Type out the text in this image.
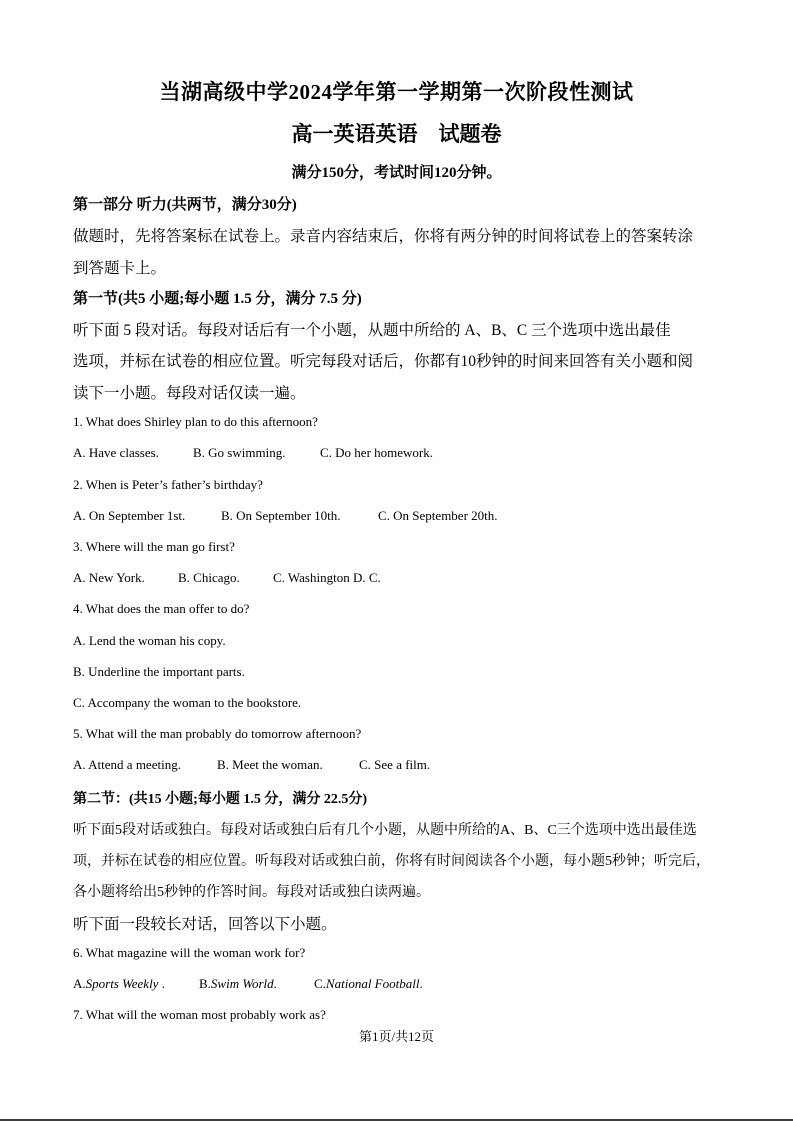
当湖高级中学2024学年第一学期第一次阶段性测试
高一英语英语　试题卷
满分150分，考试时间120分钟。
第一部分 听力(共两节，满分30分)
做题时，先将答案标在试卷上。录音内容结束后，你将有两分钟的时间将试卷上的答案转涂
到答题卡上。
第一节(共5 小题;每小题 1.5 分，满分 7.5 分)
听下面 5 段对话。每段对话后有一个小题，从题中所给的 A、B、C 三个选项中选出最佳
选项，并标在试卷的相应位置。听完每段对话后，你都有10秒钟的时间来回答有关小题和阅
读下一小题。每段对话仅读一遍。
1. What does Shirley plan to do this afternoon?
A. Have classes.	B. Go swimming.	C. Do her homework.
2. When is Peter’s father’s birthday?
A. On September 1st.	B. On September 10th.	C. On September 20th.
3. Where will the man go first?
A. New York.	B. Chicago.	C. Washington D. C.
4. What does the man offer to do?
A. Lend the woman his copy.
B. Underline the important parts.
C. Accompany the woman to the bookstore.
5. What will the man probably do tomorrow afternoon?
A. Attend a meeting.	B. Meet the woman.	C. See a film.
第二节：(共15 小题;每小题 1.5 分，满分 22.5分)
听下面5段对话或独白。每段对话或独白后有几个小题，从题中所给的A、B、C三个选项中选出最佳选
项，并标在试卷的相应位置。听每段对话或独白前，你将有时间阅读各个小题，每小题5秒钟；听完后，
各小题将给出5秒钟的作答时间。每段对话或独白读两遍。
听下面一段较长对话，回答以下小题。
6. What magazine will the woman work for?
A.Sports Weekly .	B.Swim World.	C.National Football.
7. What will the woman most probably work as?
第1页/共12页
